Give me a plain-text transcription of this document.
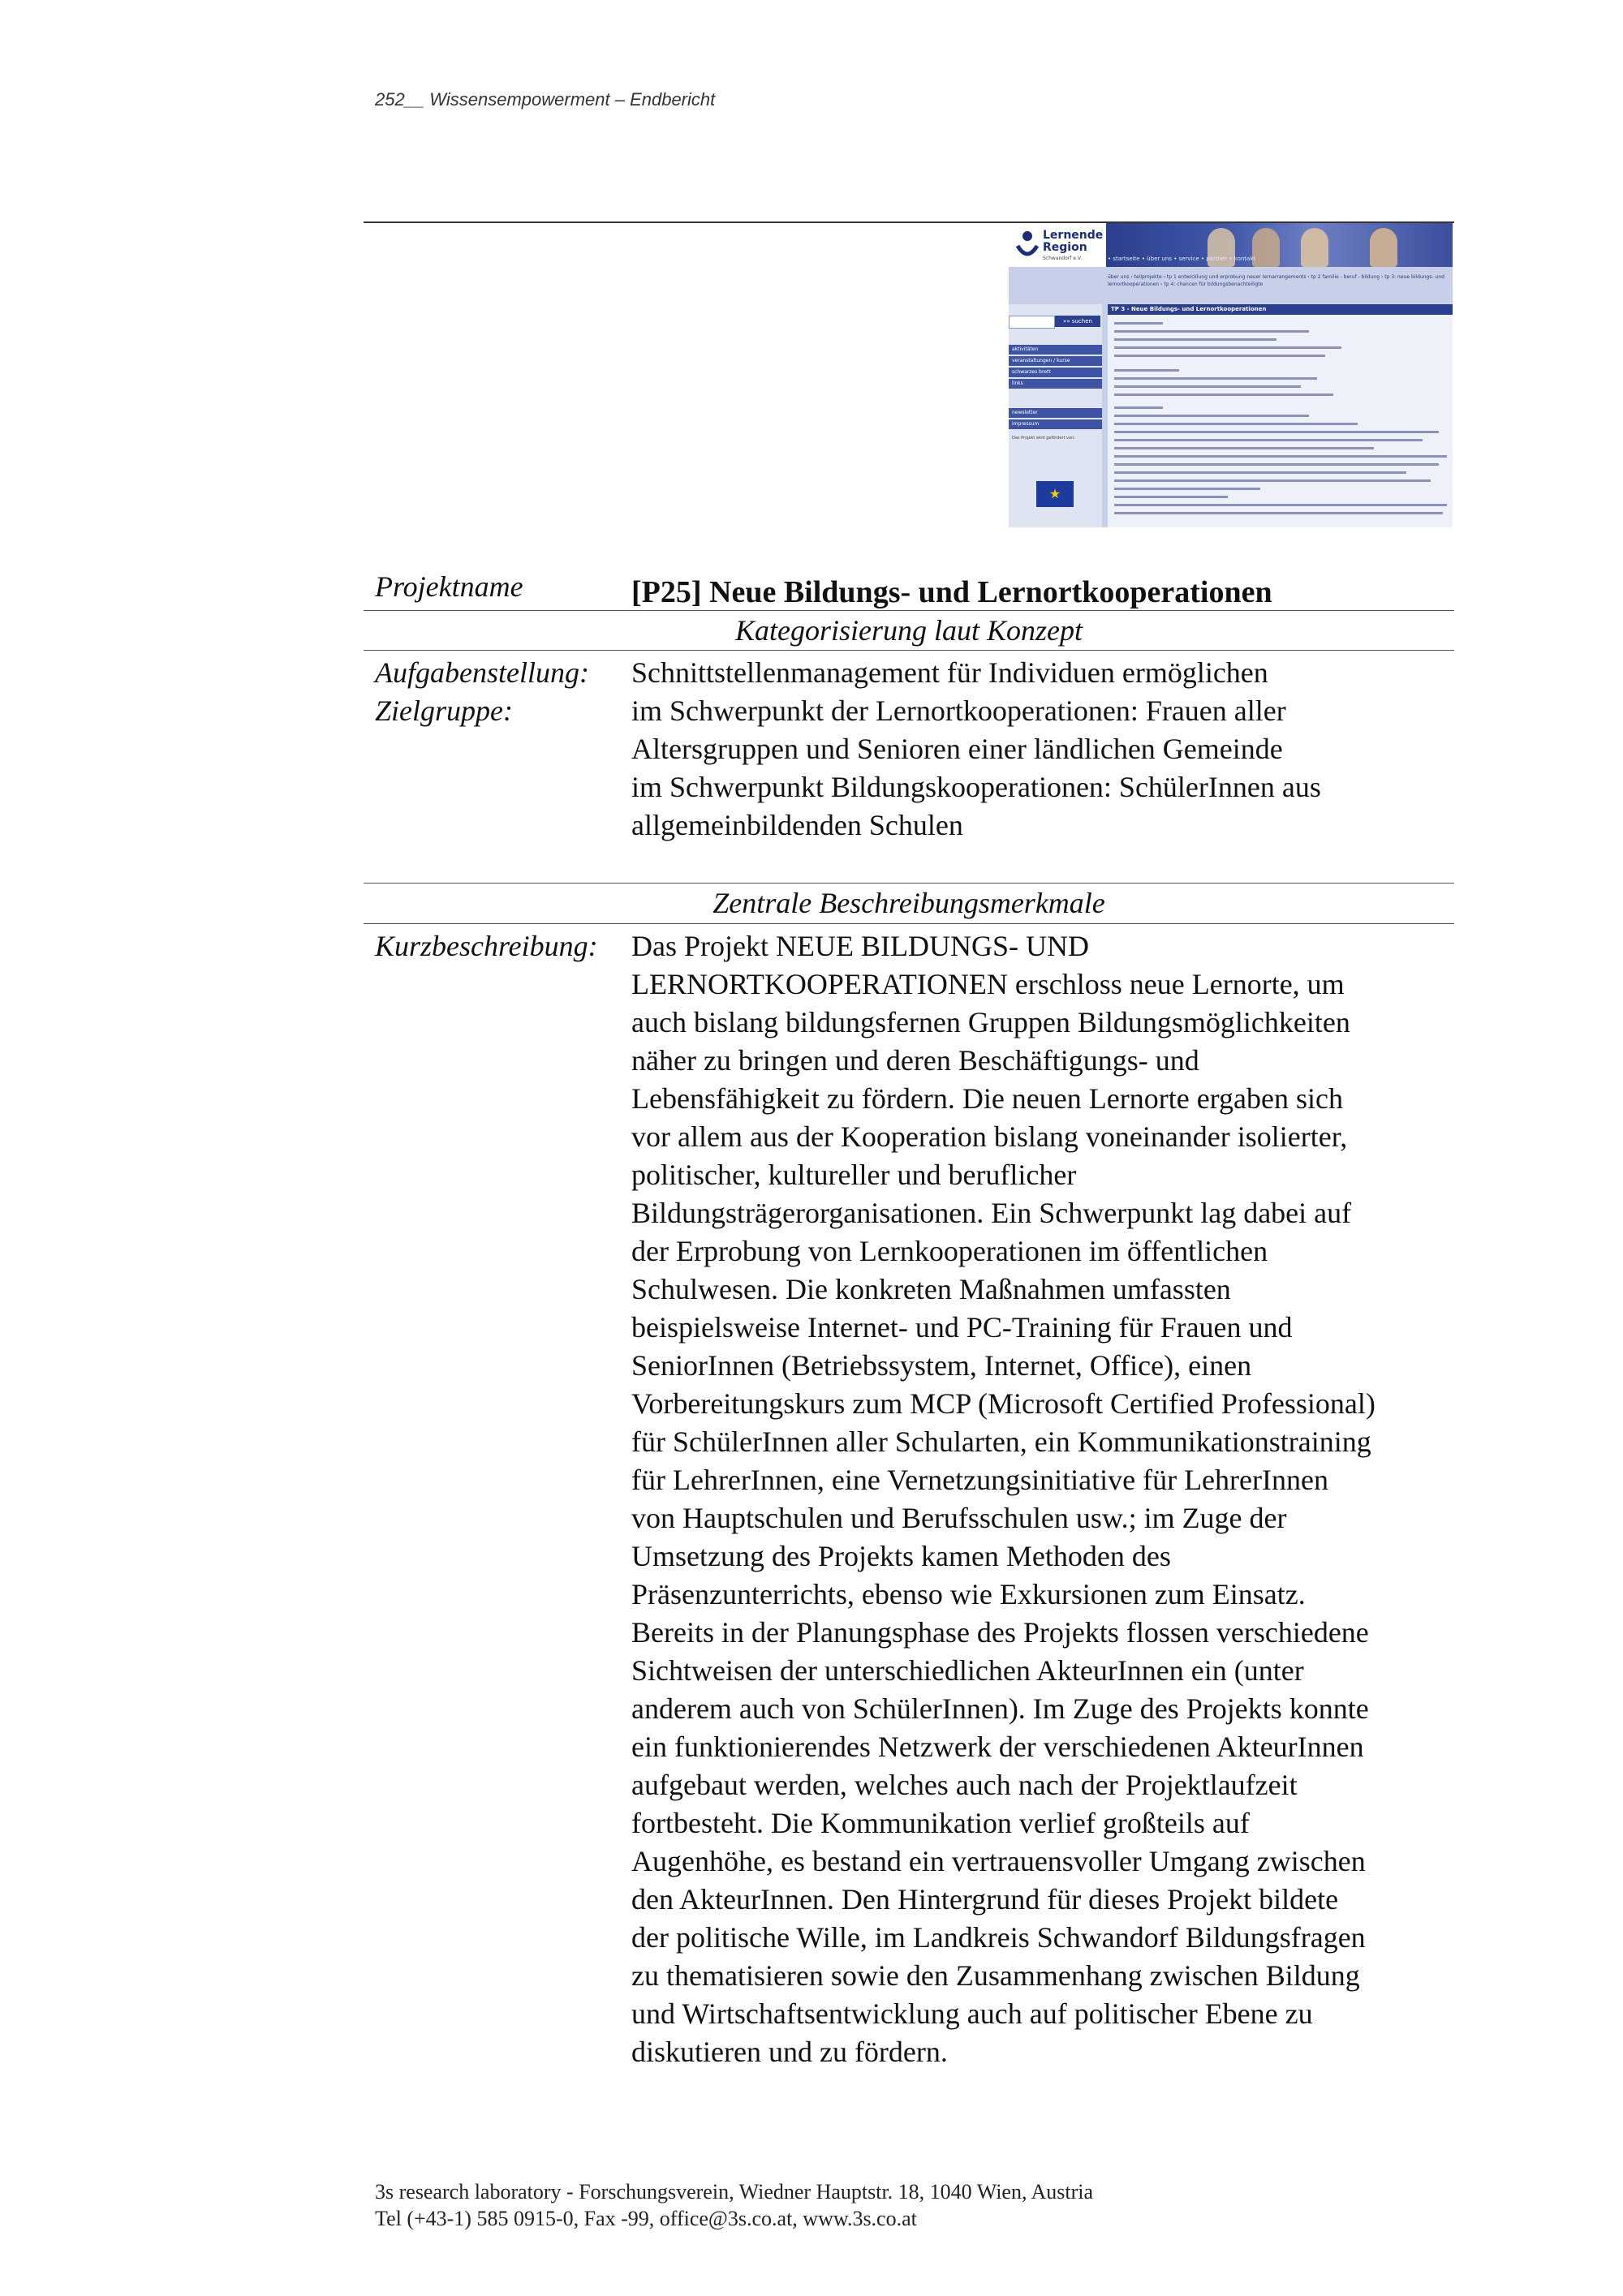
252__ Wissensempowerment – Endbericht
Lernende
Region
Schwandorf e.V.	• startseite • über uns • service • partner • kontakt
über uns › teilprojekte › tp 1 entwicklung und erprobung neuer lernarrangements › tp 2 familie - beruf - bildung › tp 3: neue bildungs- und lernortkooperationen › tp 4: chancen für bildungsbenachteiligte
»» suchen
aktivitäten
veranstaltungen / kurse
schwarzes brett
links
newsletter
impressum
Das Projekt wird gefördert von:
★
TP 3 - Neue Bildungs- und Lernortkooperationen
Projektname	[P25] Neue Bildungs- und Lernortkooperationen
Kategorisierung laut Konzept
Aufgabenstellung:
Zielgruppe:
Schnittstellenmanagement für Individuen ermöglichen
im Schwerpunkt der Lernortkooperationen: Frauen aller
Altersgruppen und Senioren einer ländlichen Gemeinde
im Schwerpunkt Bildungskooperationen: SchülerInnen aus
allgemeinbildenden Schulen
Zentrale Beschreibungsmerkmale
Kurzbeschreibung: Das Projekt NEUE BILDUNGS- UND
LERNORTKOOPERATIONEN erschloss neue Lernorte, um
auch bislang bildungsfernen Gruppen Bildungsmöglichkeiten
näher zu bringen und deren Beschäftigungs- und
Lebensfähigkeit zu fördern. Die neuen Lernorte ergaben sich
vor allem aus der Kooperation bislang voneinander isolierter,
politischer, kultureller und beruflicher
Bildungsträgerorganisationen. Ein Schwerpunkt lag dabei auf
der Erprobung von Lernkooperationen im öffentlichen
Schulwesen. Die konkreten Maßnahmen umfassten
beispielsweise Internet- und PC-Training für Frauen und
SeniorInnen (Betriebssystem, Internet, Office), einen
Vorbereitungskurs zum MCP (Microsoft Certified Professional)
für SchülerInnen aller Schularten, ein Kommunikationstraining
für LehrerInnen, eine Vernetzungsinitiative für LehrerInnen
von Hauptschulen und Berufsschulen usw.; im Zuge der
Umsetzung des Projekts kamen Methoden des
Präsenzunterrichts, ebenso wie Exkursionen zum Einsatz.
Bereits in der Planungsphase des Projekts flossen verschiedene
Sichtweisen der unterschiedlichen AkteurInnen ein (unter
anderem auch von SchülerInnen). Im Zuge des Projekts konnte
ein funktionierendes Netzwerk der verschiedenen AkteurInnen
aufgebaut werden, welches auch nach der Projektlaufzeit
fortbesteht. Die Kommunikation verlief großteils auf
Augenhöhe, es bestand ein vertrauensvoller Umgang zwischen
den AkteurInnen. Den Hintergrund für dieses Projekt bildete
der politische Wille, im Landkreis Schwandorf Bildungsfragen
zu thematisieren sowie den Zusammenhang zwischen Bildung
und Wirtschaftsentwicklung auch auf politischer Ebene zu
diskutieren und zu fördern.
3s research laboratory - Forschungsverein, Wiedner Hauptstr. 18, 1040 Wien, Austria
Tel (+43-1) 585 0915-0, Fax -99, office@3s.co.at, www.3s.co.at
